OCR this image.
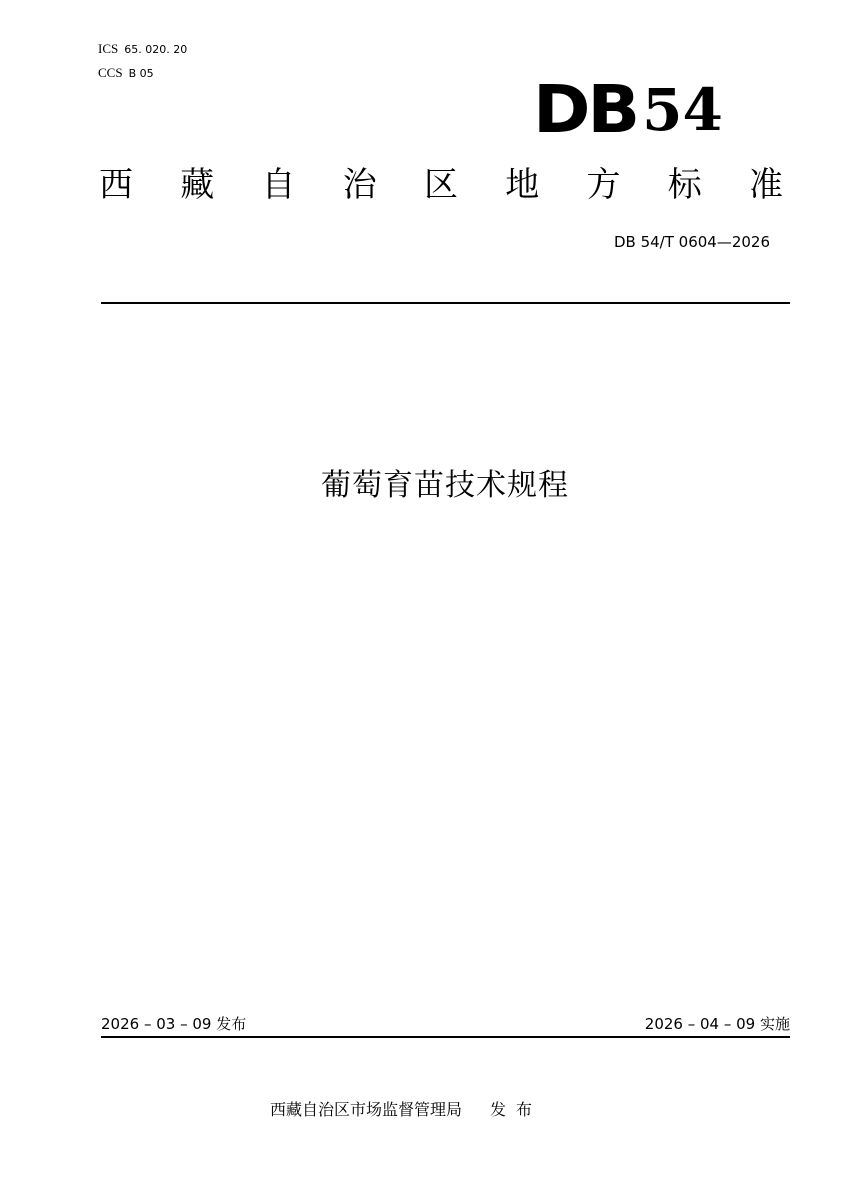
ICS 65. 020. 20
CCS B 05	DB 54
西 藏 自 治 区 地 方 标 准
DB 54/T 0604—2026
葡萄育苗技术规程
2026 – 03 – 09 发布	2026 – 04 – 09 实施
西藏自治区市场监督管理局 发布
